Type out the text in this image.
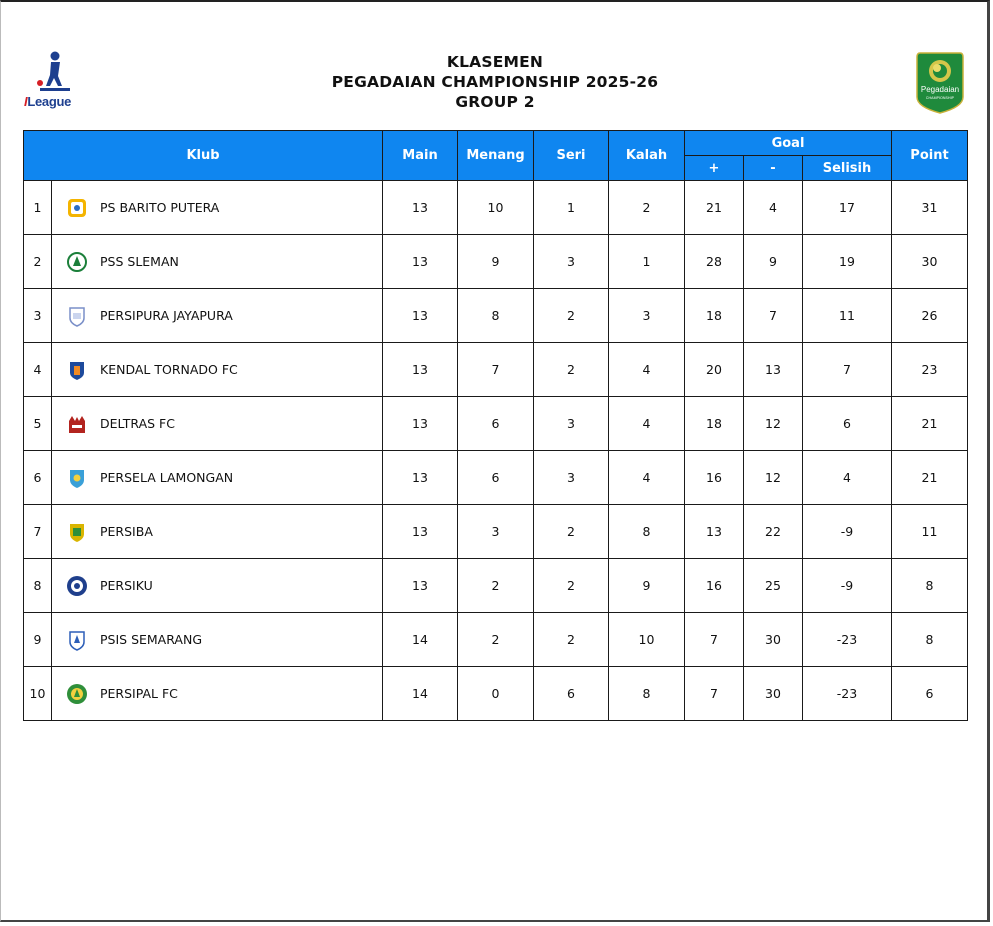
ILeague
KLASEMEN
PEGADAIAN CHAMPIONSHIP 2025-26
GROUP 2
Pegadaian
CHAMPIONSHIP
Klub		Main	Menang	Seri	Kalah	Goal			Point
						+	-	Selisih	
1	PS BARITO PUTERA	13	10	1	2	21	4	17	31
2	PSS SLEMAN	13	9	3	1	28	9	19	30
3	PERSIPURA JAYAPURA	13	8	2	3	18	7	11	26
4	KENDAL TORNADO FC	13	7	2	4	20	13	7	23
5	DELTRAS FC	13	6	3	4	18	12	6	21
6	PERSELA LAMONGAN	13	6	3	4	16	12	4	21
7	PERSIBA	13	3	2	8	13	22	-9	11
8	PERSIKU	13	2	2	9	16	25	-9	8
9	PSIS SEMARANG	14	2	2	10	7	30	-23	8
10	PERSIPAL FC	14	0	6	8	7	30	-23	6
